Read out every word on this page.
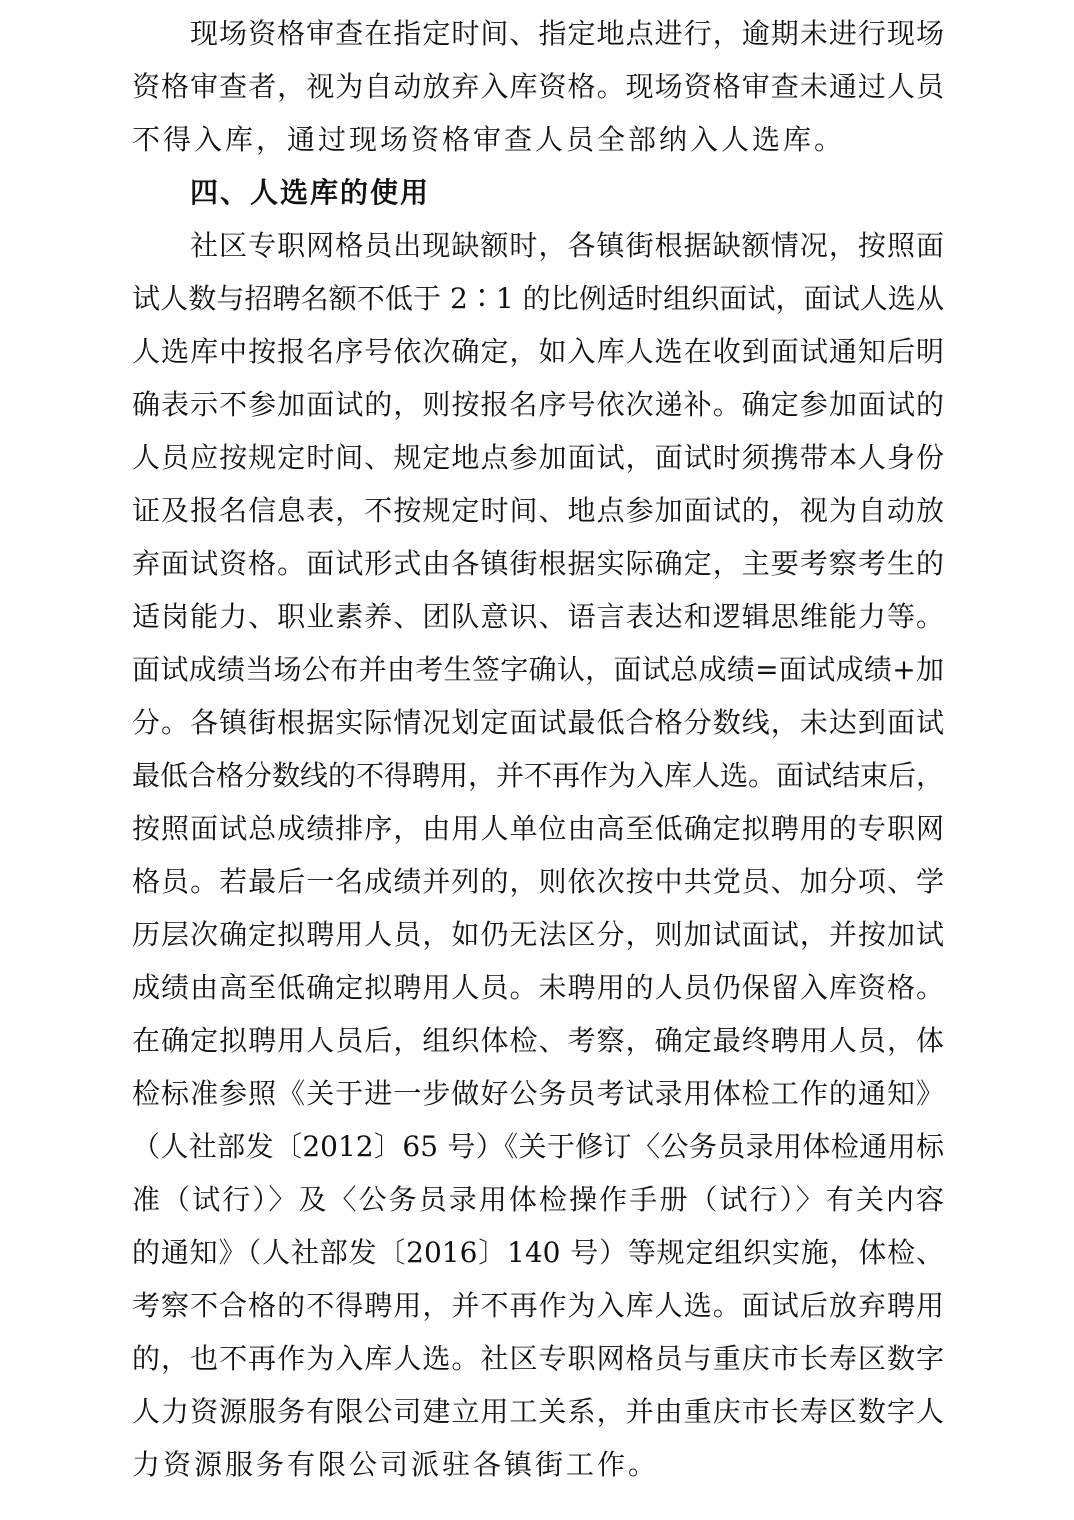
现场资格审查在指定时间、指定地点进行，逾期未进行现场
资格审查者，视为自动放弃入库资格。现场资格审查未通过人员
不得入库，通过现场资格审查人员全部纳入人选库。
四、人选库的使用
社区专职网格员出现缺额时，各镇街根据缺额情况，按照面
试人数与招聘名额不低于 2∶1 的比例适时组织面试，面试人选从
人选库中按报名序号依次确定，如入库人选在收到面试通知后明
确表示不参加面试的，则按报名序号依次递补。确定参加面试的
人员应按规定时间、规定地点参加面试，面试时须携带本人身份
证及报名信息表，不按规定时间、地点参加面试的，视为自动放
弃面试资格。面试形式由各镇街根据实际确定，主要考察考生的
适岗能力、职业素养、团队意识、语言表达和逻辑思维能力等。
面试成绩当场公布并由考生签字确认，面试总成绩=面试成绩+加
分。各镇街根据实际情况划定面试最低合格分数线，未达到面试
最低合格分数线的不得聘用，并不再作为入库人选。面试结束后，
按照面试总成绩排序，由用人单位由高至低确定拟聘用的专职网
格员。若最后一名成绩并列的，则依次按中共党员、加分项、学
历层次确定拟聘用人员，如仍无法区分，则加试面试，并按加试
成绩由高至低确定拟聘用人员。未聘用的人员仍保留入库资格。
在确定拟聘用人员后，组织体检、考察，确定最终聘用人员，体
检标准参照《关于进一步做好公务员考试录用体检工作的通知》
（人社部发〔2012〕65 号）《关于修订〈公务员录用体检通用标
准（试行）〉及〈公务员录用体检操作手册（试行）〉有关内容
的通知》（人社部发〔2016〕140 号）等规定组织实施，体检、
考察不合格的不得聘用，并不再作为入库人选。面试后放弃聘用
的，也不再作为入库人选。社区专职网格员与重庆市长寿区数字
人力资源服务有限公司建立用工关系，并由重庆市长寿区数字人
力资源服务有限公司派驻各镇街工作。
